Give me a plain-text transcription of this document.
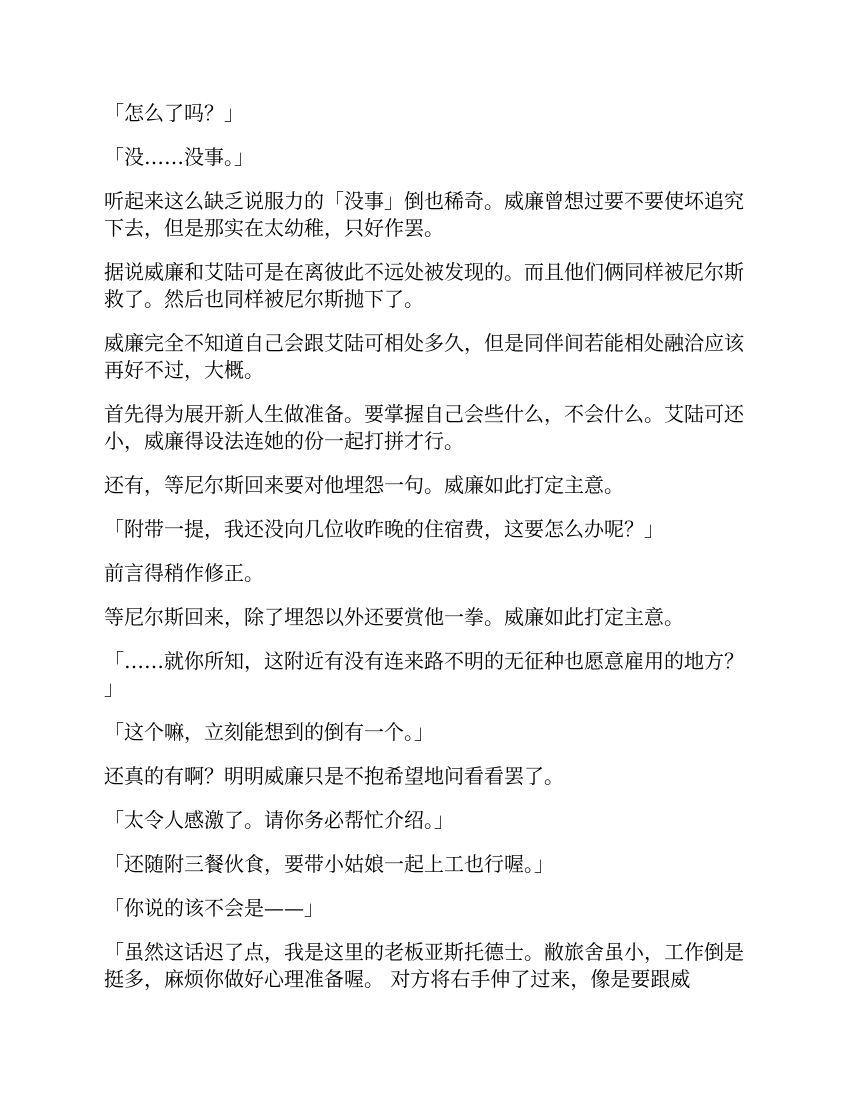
「怎么了吗？」

「没……没事。」

听起来这么缺乏说服力的「没事」倒也稀奇。威廉曾想过要不要使坏追究下去，但是那实在太幼稚，只好作罢。

据说威廉和艾陆可是在离彼此不远处被发现的。而且他们俩同样被尼尔斯救了。然后也同样被尼尔斯抛下了。

威廉完全不知道自己会跟艾陆可相处多久，但是同伴间若能相处融洽应该再好不过，大概。

首先得为展开新人生做准备。要掌握自己会些什么，不会什么。艾陆可还小，威廉得设法连她的份一起打拼才行。

还有，等尼尔斯回来要对他埋怨一句。威廉如此打定主意。

「附带一提，我还没向几位收昨晚的住宿费，这要怎么办呢？」

前言得稍作修正。

等尼尔斯回来，除了埋怨以外还要赏他一拳。威廉如此打定主意。

「……就你所知，这附近有没有连来路不明的无征种也愿意雇用的地方？」

「这个嘛，立刻能想到的倒有一个。」

还真的有啊？明明威廉只是不抱希望地问看看罢了。

「太令人感激了。请你务必帮忙介绍。」

「还随附三餐伙食，要带小姑娘一起上工也行喔。」

「你说的该不会是——」

「虽然这话迟了点，我是这里的老板亚斯托德士。敝旅舍虽小，工作倒是挺多，麻烦你做好心理准备喔。 对方将右手伸了过来，像是要跟威
